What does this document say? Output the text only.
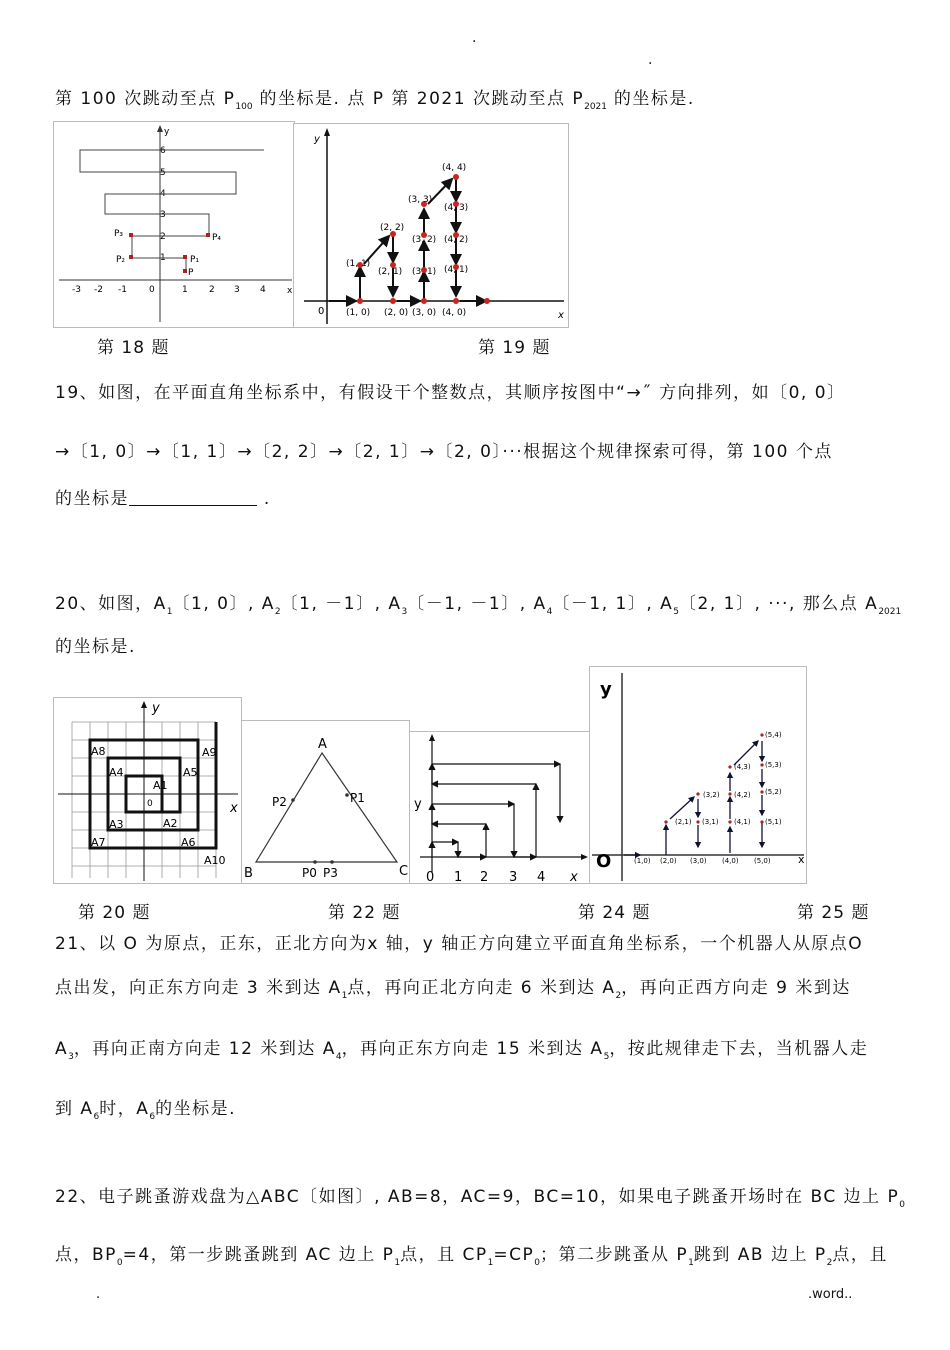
·
.
第 100 次跳动至点 $P_{100}$ 的坐标是. 点 P 第 2021 次跳动至点 $P_{2021}$ 的坐标是.
y
x
-3 -2 -1 0	1 2 3 4
1
2
3
4
5
6
P
P₁
P₂
P₃	P₄
y
x
0 (1, 0) (2, 0) (3, 0) (4, 0)
(1, 1)
(2, 2)
(2, 1)
(3, 3)
(3, 2)
(3, 1)
(4, 4)
(4, 3)
(4, 2)
(4, 1)
第 18 题	第 19 题
19、如图，在平面直角坐标系中，有假设干个整数点，其顺序按图中“→˝ 方向排列，如〔0, 0〕
→〔1, 0〕→〔1, 1〕→〔2, 2〕→〔2, 1〕→〔2, 0〕···根据这个规律探索可得，第 100 个点
的坐标是	.
20、如图，$A_1$〔1, 0〕, $A_2$〔1, －1〕, $A_3$〔－1, －1〕, $A_4$〔－1, 1〕, $A_5$〔2, 1〕, ···, 那么点 $A_{2021}$
的坐标是.
y
x
0
A1
A2
A3
A4	A5
A6
A7
A8	A9
A10
A
B	C
P1
P2
P0 P3
y
x
0 1 2 3 4
y
x
O	(1,0) (2,0) (3,0) (4,0) (5,0)
(2,1) (3,1)
(3,2)
(4,1)
(4,2)
(4,3)
(5,1)
(5,2)
(5,3)
(5,4)
第 20 题	第 22 题	第 24 题	第 25 题
21、以 O 为原点，正东，正北方向为x 轴，y 轴正方向建立平面直角坐标系，一个机器人从原点O
点出发，向正东方向走 3 米到达 $A_1$点，再向正北方向走 6 米到达 $A_2$，再向正西方向走 9 米到达
$A_3$，再向正南方向走 12 米到达 $A_4$，再向正东方向走 15 米到达 $A_5$，按此规律走下去，当机器人走
到 $A_6$时，$A_6$的坐标是.
22、电子跳蚤游戏盘为△ABC〔如图〕, AB=8，AC=9，BC=10，如果电子跳蚤开场时在 BC 边上 $P_0$
点，$BP_0=4$，第一步跳蚤跳到 AC 边上 $P_1$点，且 $CP_1=CP_0$；第二步跳蚤从 $P_1$跳到 AB 边上 $P_2$点，且
.	.word..
